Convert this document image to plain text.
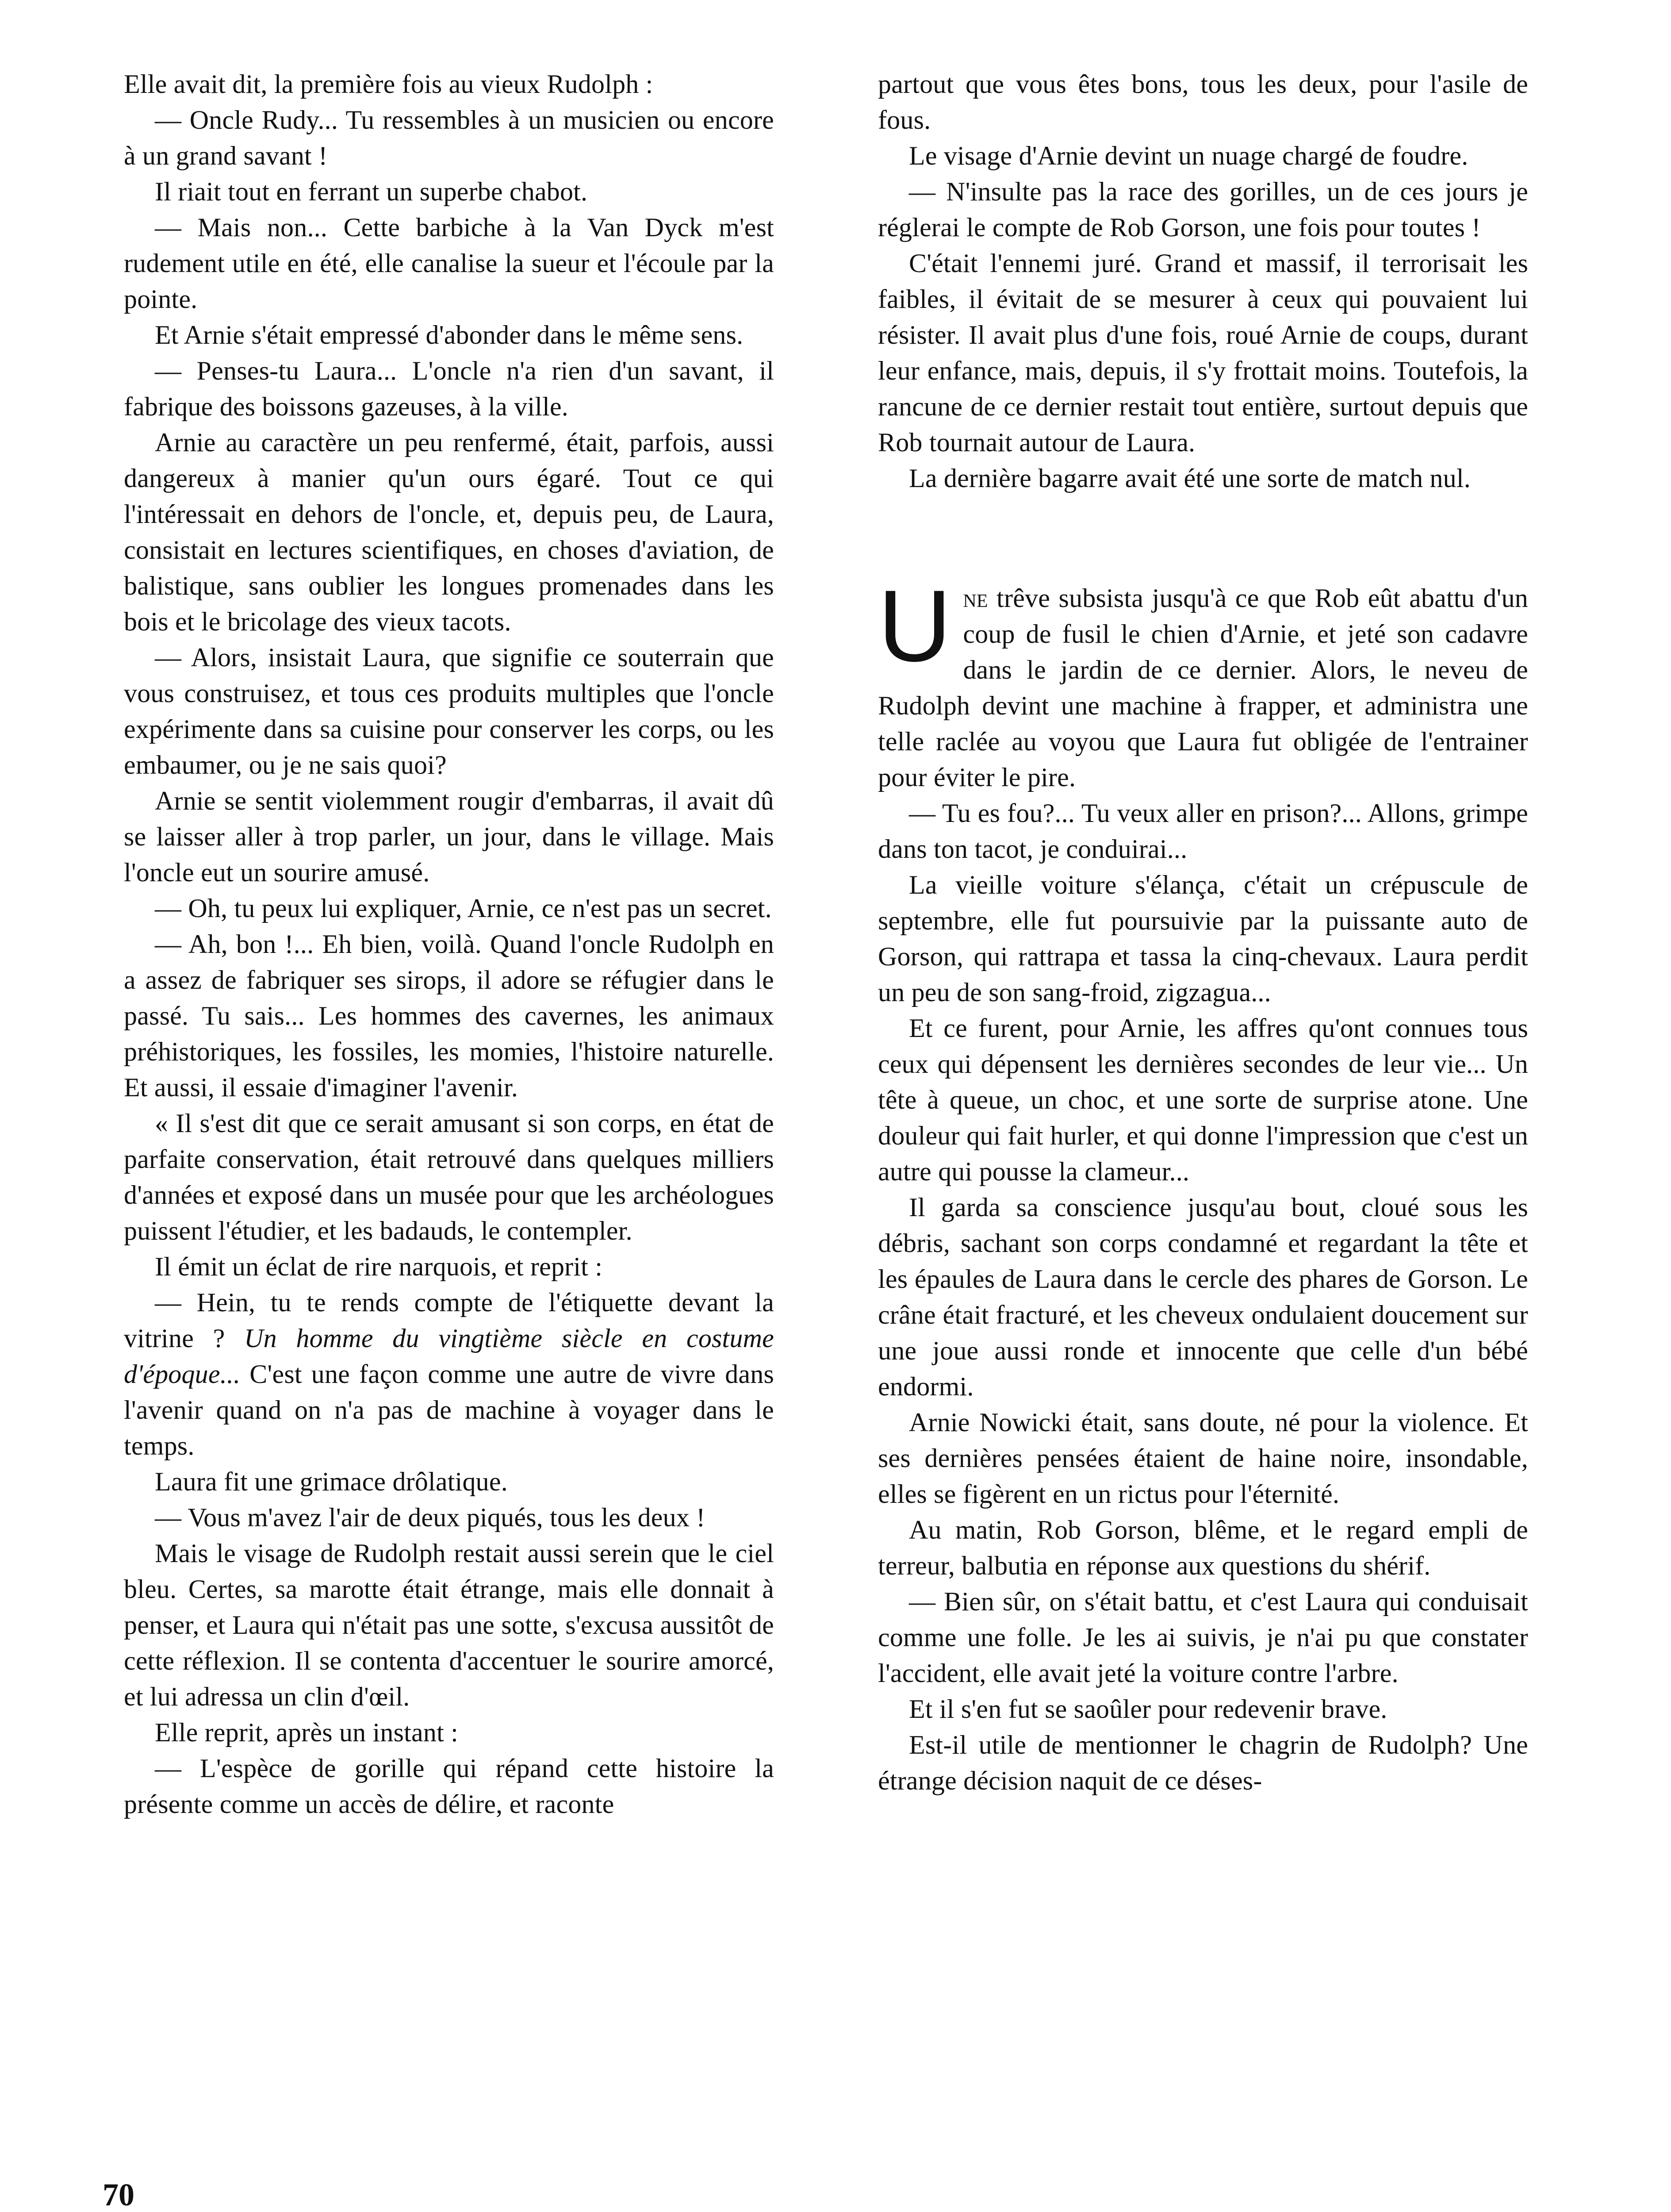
Elle avait dit, la première fois au vieux Rudolph :

— Oncle Rudy... Tu ressembles à un musicien ou encore à un grand savant !

Il riait tout en ferrant un superbe chabot.

— Mais non... Cette barbiche à la Van Dyck m'est rudement utile en été, elle canalise la sueur et l'écoule par la pointe.

Et Arnie s'était empressé d'abonder dans le même sens.

— Penses-tu Laura... L'oncle n'a rien d'un savant, il fabrique des boissons gazeuses, à la ville.

Arnie au caractère un peu renfermé, était, parfois, aussi dangereux à manier qu'un ours égaré. Tout ce qui l'intéressait en dehors de l'oncle, et, depuis peu, de Laura, consistait en lectures scientifiques, en choses d'aviation, de balistique, sans oublier les longues promenades dans les bois et le bricolage des vieux tacots.

— Alors, insistait Laura, que signifie ce souterrain que vous construisez, et tous ces produits multiples que l'oncle expérimente dans sa cuisine pour conserver les corps, ou les embaumer, ou je ne sais quoi?

Arnie se sentit violemment rougir d'embarras, il avait dû se laisser aller à trop parler, un jour, dans le village. Mais l'oncle eut un sourire amusé.

— Oh, tu peux lui expliquer, Arnie, ce n'est pas un secret.

— Ah, bon !... Eh bien, voilà. Quand l'oncle Rudolph en a assez de fabriquer ses sirops, il adore se réfugier dans le passé. Tu sais... Les hommes des cavernes, les animaux préhistoriques, les fossiles, les momies, l'histoire naturelle. Et aussi, il essaie d'imaginer l'avenir.

« Il s'est dit que ce serait amusant si son corps, en état de parfaite conservation, était retrouvé dans quelques milliers d'années et exposé dans un musée pour que les archéologues puissent l'étudier, et les badauds, le contempler.

Il émit un éclat de rire narquois, et reprit :

— Hein, tu te rends compte de l'étiquette devant la vitrine ? Un homme du vingtième siècle en costume d'époque... C'est une façon comme une autre de vivre dans l'avenir quand on n'a pas de machine à voyager dans le temps.

Laura fit une grimace drôlatique.

— Vous m'avez l'air de deux piqués, tous les deux !

Mais le visage de Rudolph restait aussi serein que le ciel bleu. Certes, sa marotte était étrange, mais elle donnait à penser, et Laura qui n'était pas une sotte, s'excusa aussitôt de cette réflexion. Il se contenta d'accentuer le sourire amorcé, et lui adressa un clin d'œil.

Elle reprit, après un instant :

— L'espèce de gorille qui répand cette histoire la présente comme un accès de délire, et raconte

partout que vous êtes bons, tous les deux, pour l'asile de fous.

Le visage d'Arnie devint un nuage chargé de foudre.

— N'insulte pas la race des gorilles, un de ces jours je réglerai le compte de Rob Gorson, une fois pour toutes !

C'était l'ennemi juré. Grand et massif, il terrorisait les faibles, il évitait de se mesurer à ceux qui pouvaient lui résister. Il avait plus d'une fois, roué Arnie de coups, durant leur enfance, mais, depuis, il s'y frottait moins. Toutefois, la rancune de ce dernier restait tout entière, surtout depuis que Rob tournait autour de Laura.

La dernière bagarre avait été une sorte de match nul.

Une trêve subsista jusqu'à ce que Rob eût abattu d'un coup de fusil le chien d'Arnie, et jeté son cadavre dans le jardin de ce dernier. Alors, le neveu de Rudolph devint une machine à frapper, et administra une telle raclée au voyou que Laura fut obligée de l'entrainer pour éviter le pire.

— Tu es fou?... Tu veux aller en prison?... Allons, grimpe dans ton tacot, je conduirai...

La vieille voiture s'élança, c'était un crépuscule de septembre, elle fut poursuivie par la puissante auto de Gorson, qui rattrapa et tassa la cinq-chevaux. Laura perdit un peu de son sang-froid, zigzagua...

Et ce furent, pour Arnie, les affres qu'ont connues tous ceux qui dépensent les dernières secondes de leur vie... Un tête à queue, un choc, et une sorte de surprise atone. Une douleur qui fait hurler, et qui donne l'impression que c'est un autre qui pousse la clameur...

Il garda sa conscience jusqu'au bout, cloué sous les débris, sachant son corps condamné et regardant la tête et les épaules de Laura dans le cercle des phares de Gorson. Le crâne était fracturé, et les cheveux ondulaient doucement sur une joue aussi ronde et innocente que celle d'un bébé endormi.

Arnie Nowicki était, sans doute, né pour la violence. Et ses dernières pensées étaient de haine noire, insondable, elles se figèrent en un rictus pour l'éternité.

Au matin, Rob Gorson, blême, et le regard empli de terreur, balbutia en réponse aux questions du shérif.

— Bien sûr, on s'était battu, et c'est Laura qui conduisait comme une folle. Je les ai suivis, je n'ai pu que constater l'accident, elle avait jeté la voiture contre l'arbre.

Et il s'en fut se saoûler pour redevenir brave.

Est-il utile de mentionner le chagrin de Rudolph? Une étrange décision naquit de ce déses-

70
